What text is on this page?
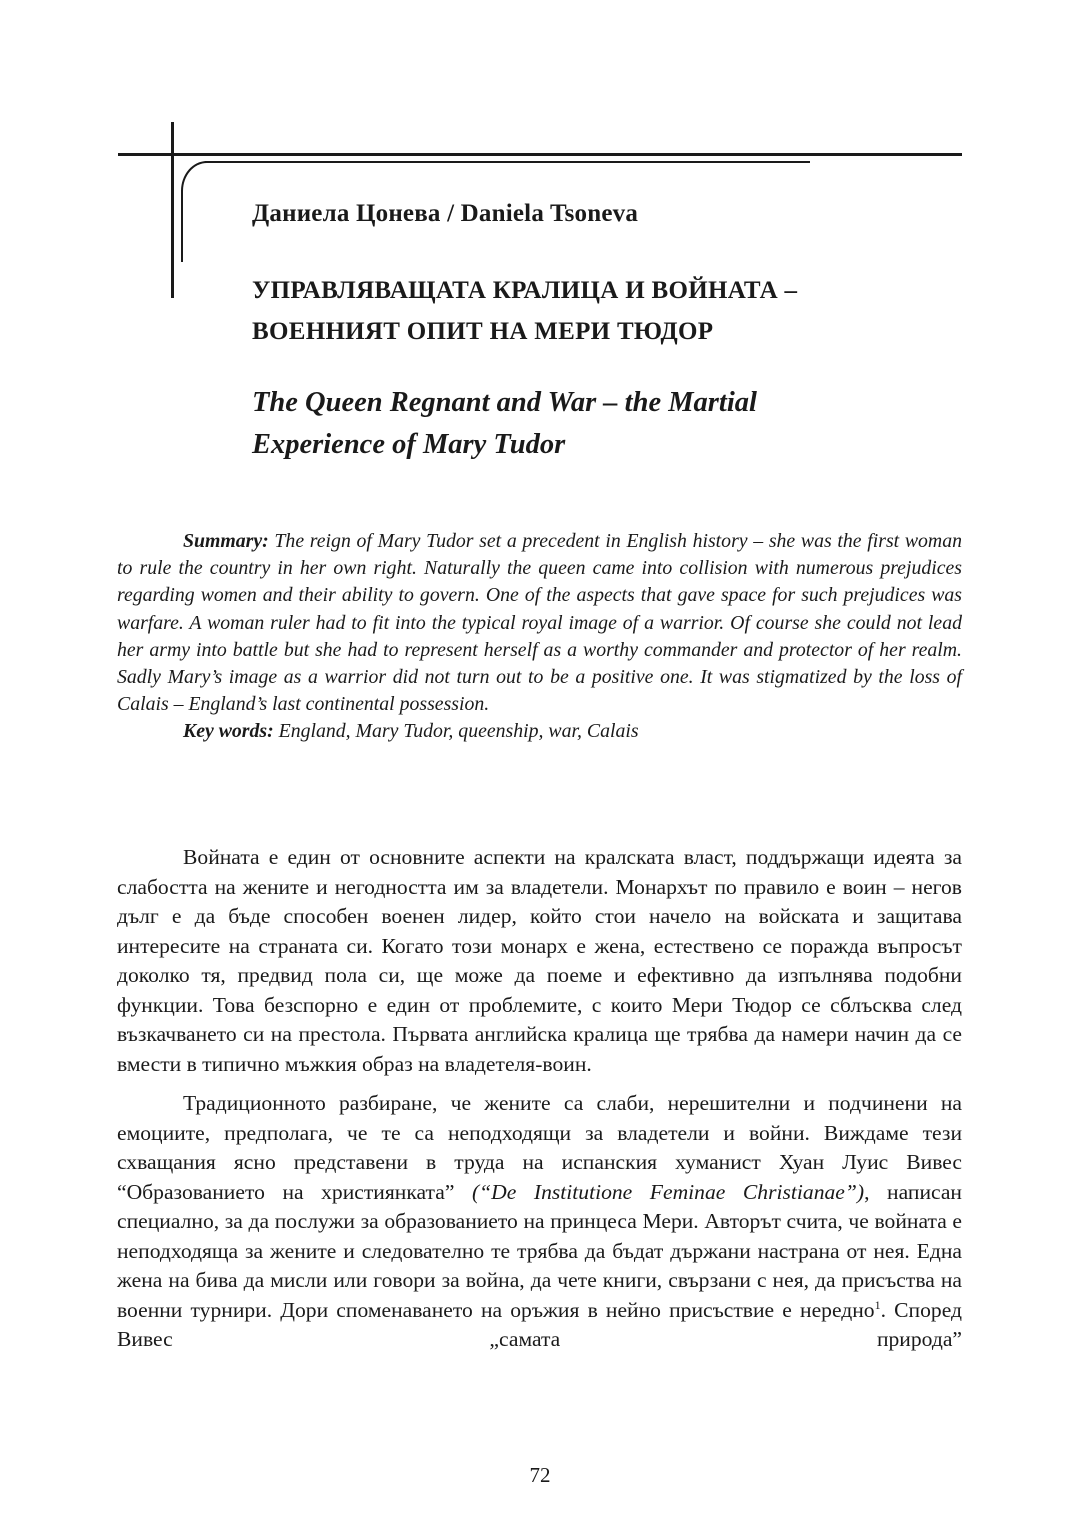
Даниела Цонева / Daniela Tsoneva
УПРАВЛЯВАЩАТА КРАЛИЦА И ВОЙНАТА –
ВОЕННИЯТ ОПИТ НА МЕРИ ТЮДОР
The Queen Regnant and War – the Martial
Experience of Mary Tudor

Summary: The reign of Mary Tudor set a precedent in English history – she was the first woman to rule the country in her own right. Naturally the queen came into collision with numerous prejudices regarding women and their ability to govern. One of the aspects that gave space for such prejudices was warfare. A woman ruler had to fit into the typical royal image of a warrior. Of course she could not lead her army into battle but she had to represent herself as a worthy commander and protector of her realm. Sadly Mary’s image as a warrior did not turn out to be a positive one. It was stigmatized by the loss of Calais – England’s last continental possession.

Key words: England, Mary Tudor, queenship, war, Calais

Войната е един от основните аспекти на кралската власт, поддържащи идеята за слабостта на жените и негодността им за владетели. Монархът по правило е воин – негов дълг е да бъде способен военен лидер, който стои начело на войската и защитава интересите на страната си. Когато този монарх е жена, естествено се поражда въпросът доколко тя, предвид пола си, ще може да поеме и ефективно да изпълнява подобни функции. Това безспорно е един от проблемите, с които Мери Тюдор се сблъсква след възкачването си на престола. Първата английска кралица ще трябва да намери начин да се вмести в типично мъжкия образ на владетеля-воин.

Традиционното разбиране, че жените са слаби, нерешителни и подчинени на емоциите, предполага, че те са неподходящи за владетели и войни. Виждаме тези схващания ясно представени в труда на испанския хуманист Хуан Луис Вивес “Образованието на християнката” (“De Institutione Feminae Christianae”), написан специално, за да послужи за образованието на принцеса Мери. Авторът счита, че войната е неподходяща за жените и следователно те трябва да бъдат държани настрана от нея. Една жена на бива да мисли или говори за война, да чете книги, свързани с нея, да присъства на военни турнири. Дори споменаването на оръжия в нейно присъствие е нередно$^1$. Според Вивес „самата природа”

72
